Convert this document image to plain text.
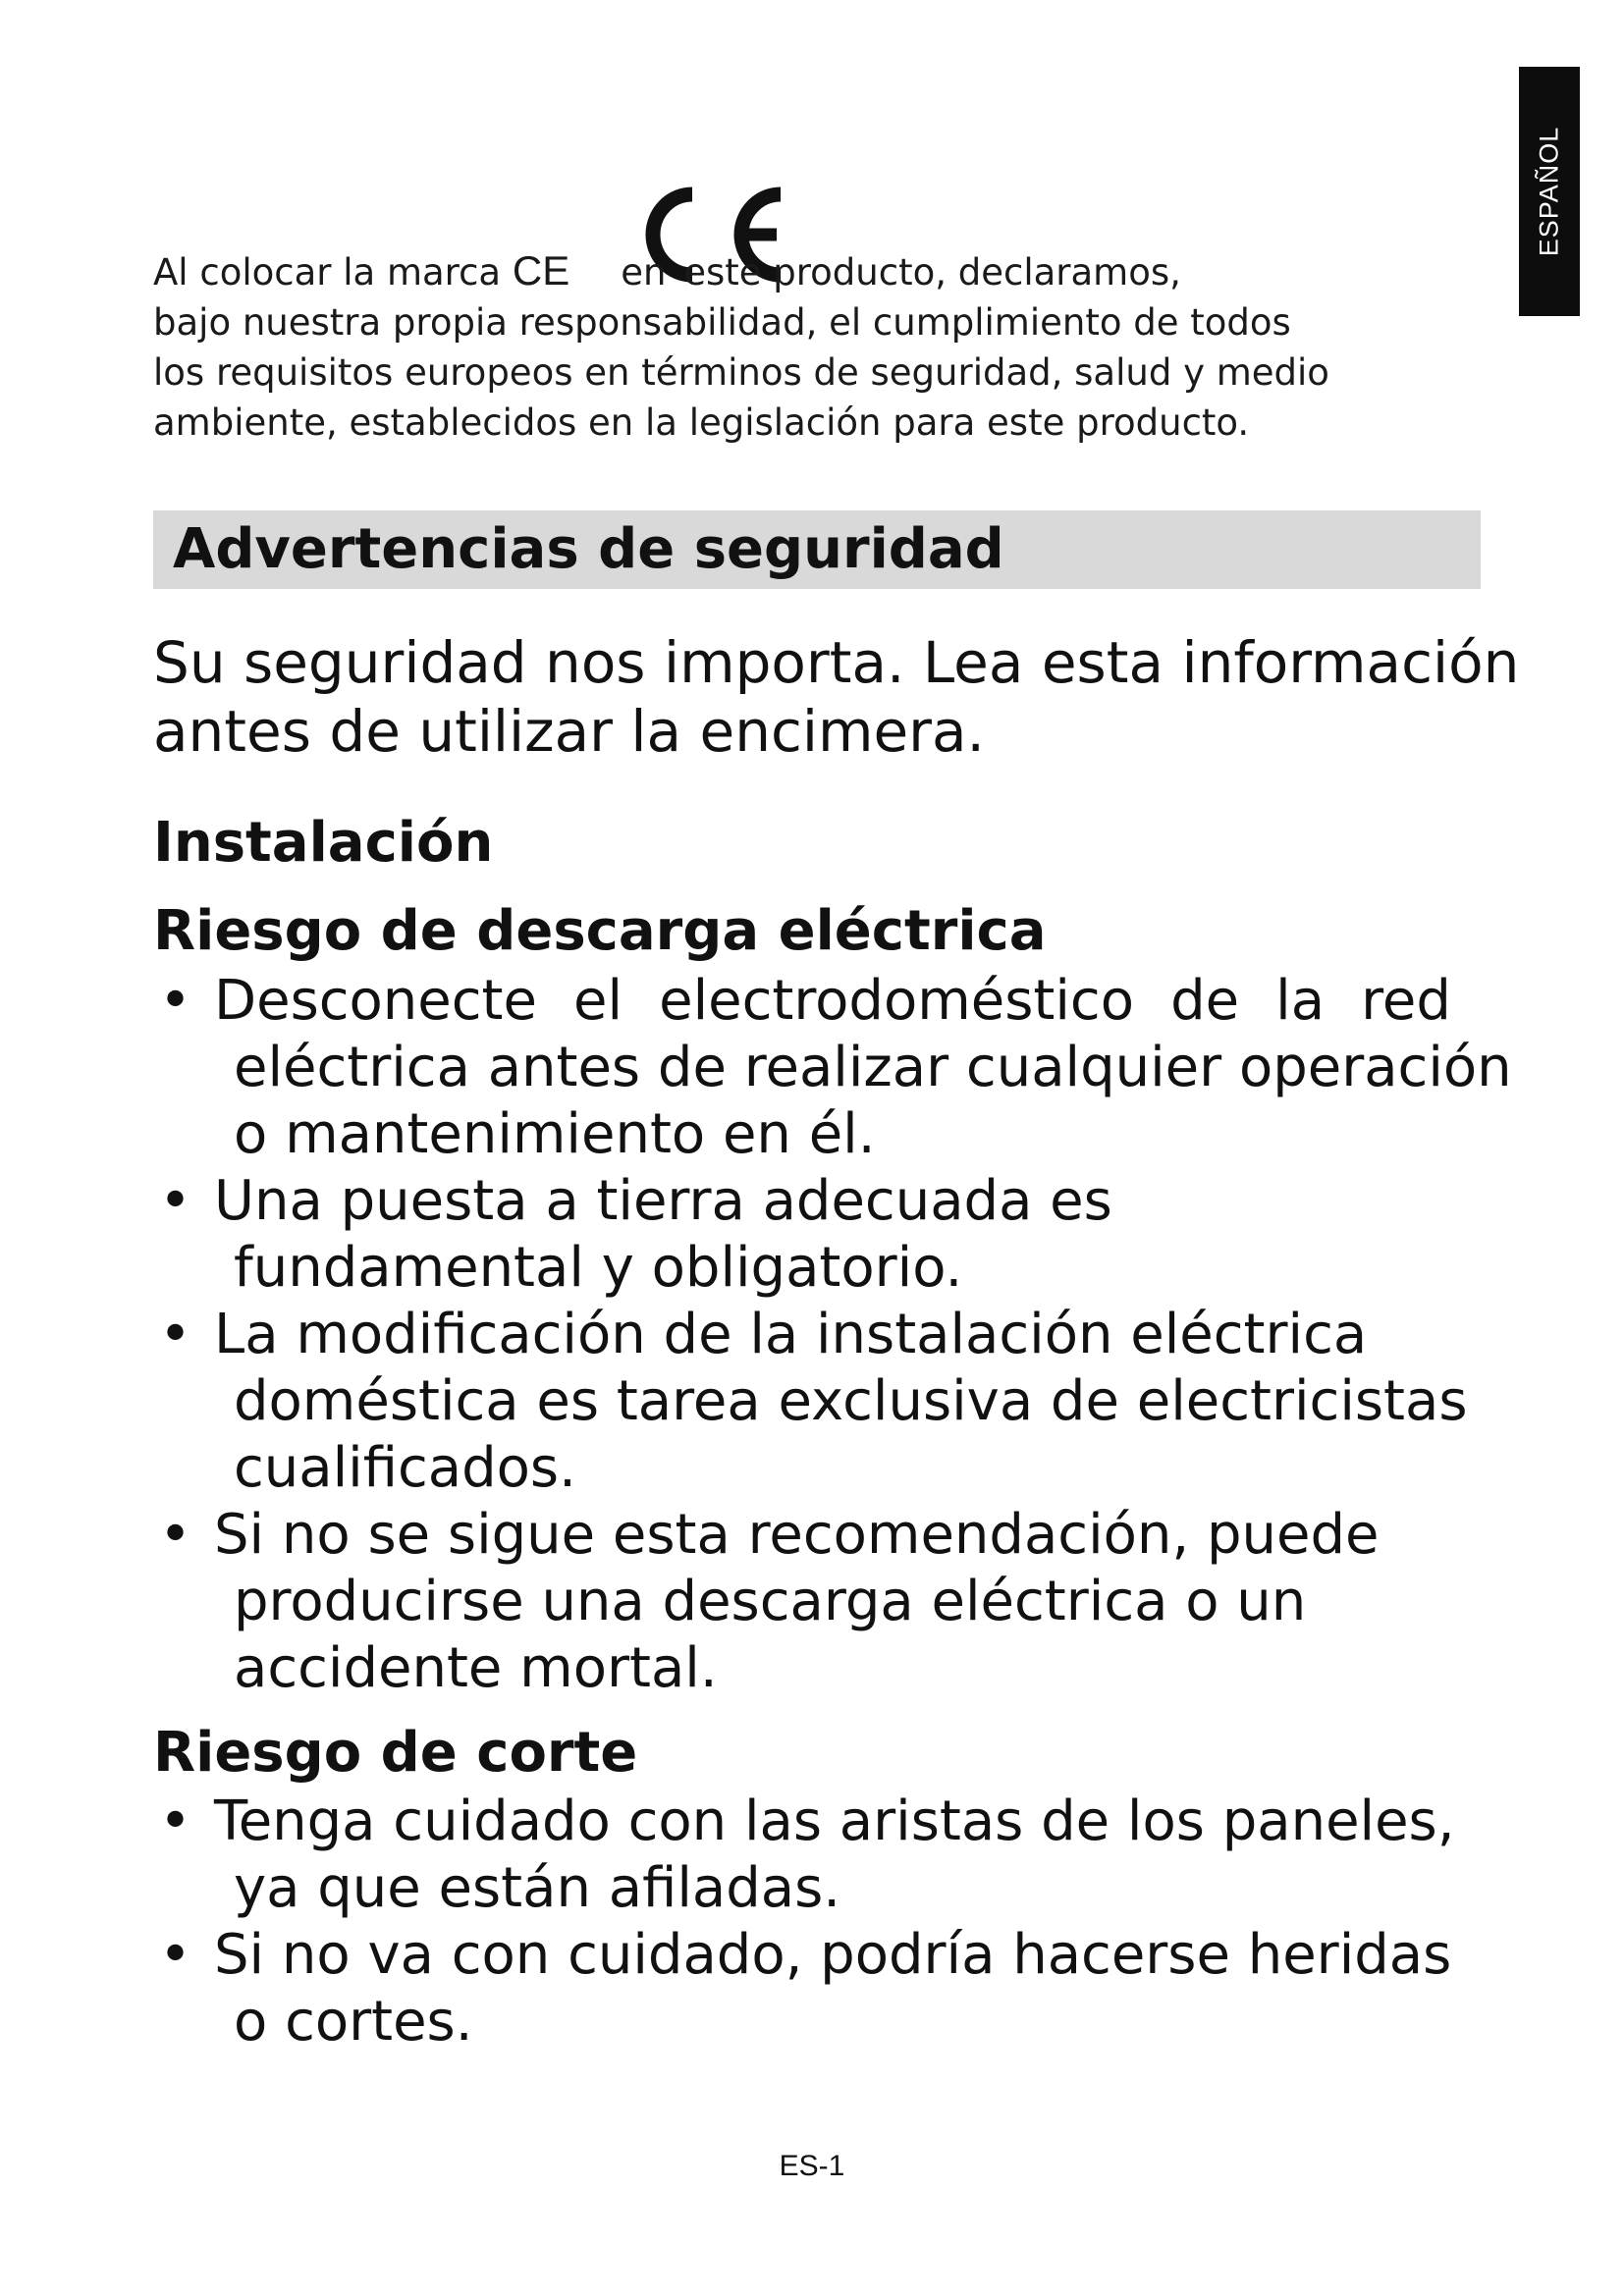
ESPAÑOL

Al colocar la marca CE en este producto, declaramos,
bajo nuestra propia responsabilidad, el cumplimiento de todos
los requisitos europeos en términos de seguridad, salud y medio
ambiente, establecidos en la legislación para este producto.

Advertencias de seguridad

Su seguridad nos importa. Lea esta información
antes de utilizar la encimera.

Instalación
Riesgo de descarga eléctrica
• Desconecte el electrodoméstico de la red
eléctrica antes de realizar cualquier operación
o mantenimiento en él.
• Una puesta a tierra adecuada es
fundamental y obligatorio.
• La modificación de la instalación eléctrica
doméstica es tarea exclusiva de electricistas
cualificados.
• Si no se sigue esta recomendación, puede
producirse una descarga eléctrica o un
accidente mortal.
Riesgo de corte
• Tenga cuidado con las aristas de los paneles,
ya que están afiladas.
• Si no va con cuidado, podría hacerse heridas
o cortes.
ES-1
